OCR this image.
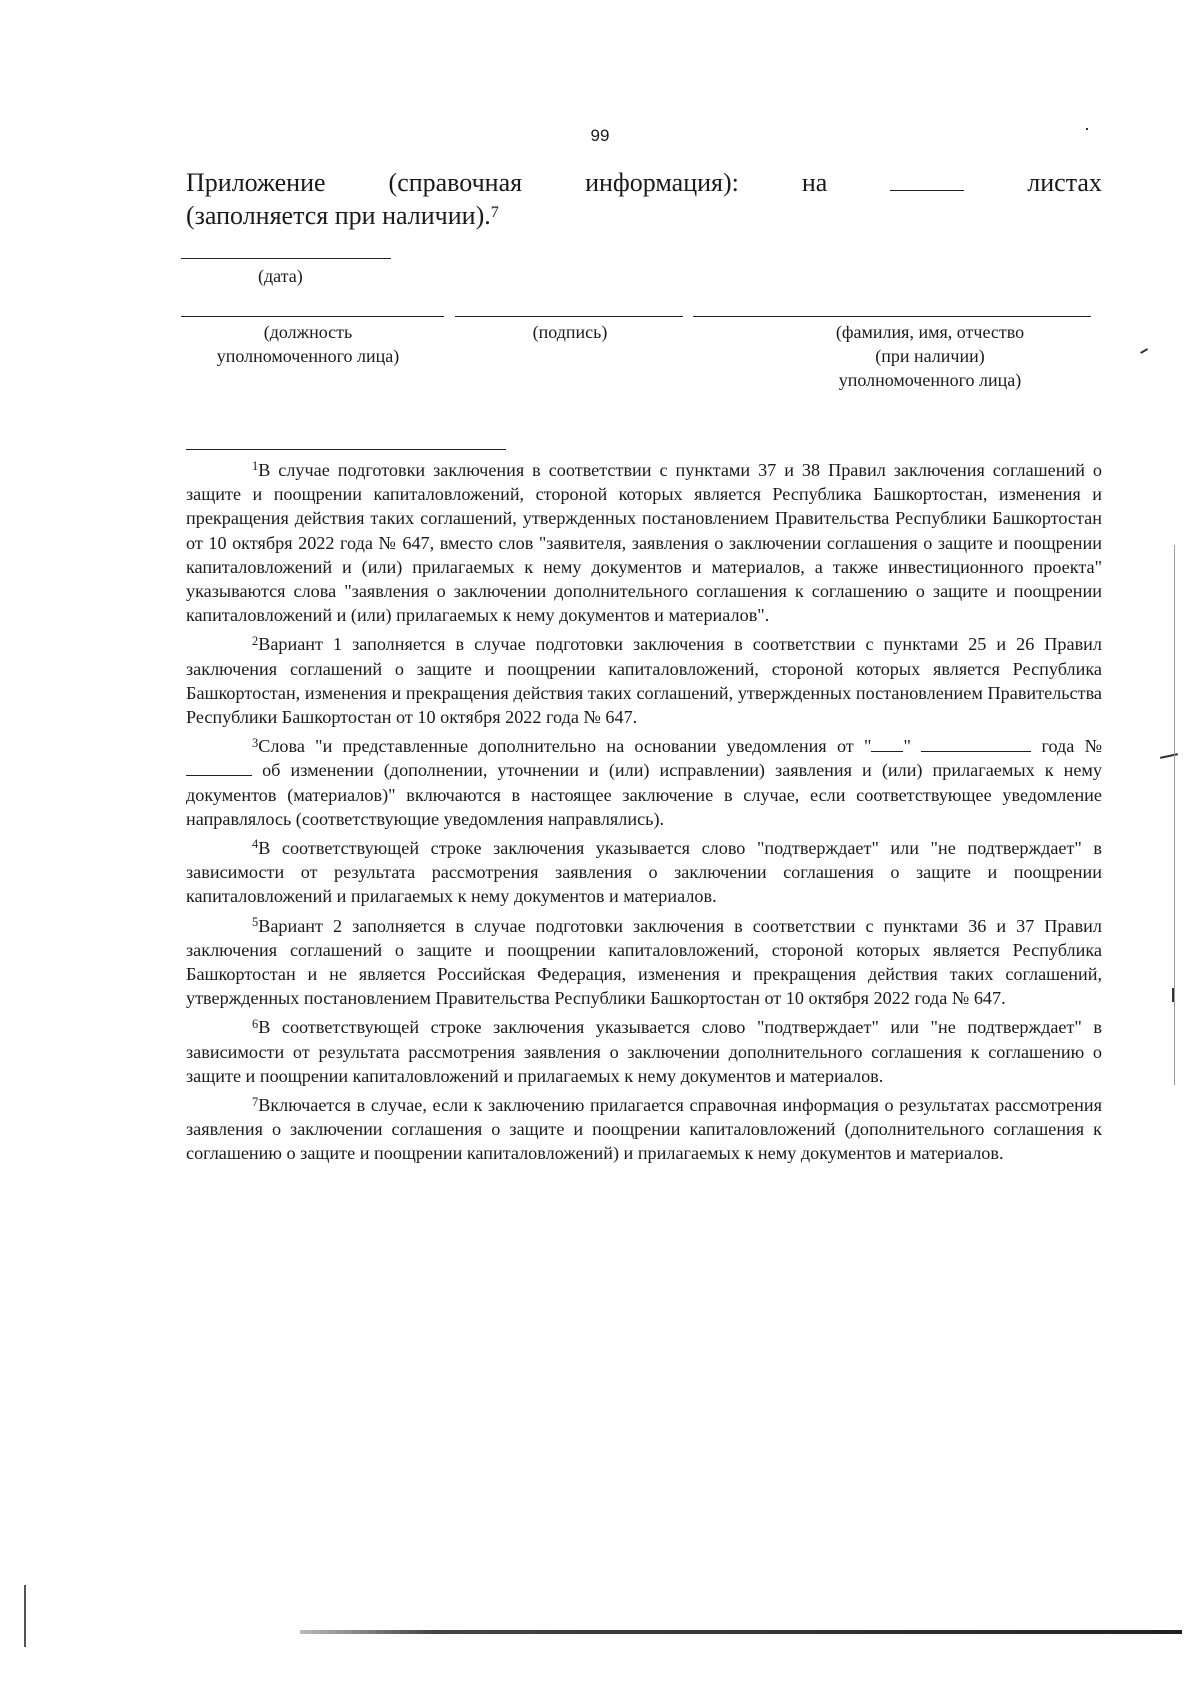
99
Приложение (справочная информация): на	листах
(заполняется при наличии).$^7$
(дата)
(должность
уполномоченного лица)
(подпись)	(фамилия, имя, отчество
(при наличии)
уполномоченного лица)

$^1$В случае подготовки заключения в соответствии с пунктами 37 и 38 Правил заключения соглашений о защите и поощрении капиталовложений, стороной которых является Республика Башкортостан, изменения и прекращения действия таких соглашений, утвержденных постановлением Правительства Республики Башкортостан от 10 октября 2022 года № 647, вместо слов "заявителя, заявления о заключении соглашения о защите и поощрении капиталовложений и (или) прилагаемых к нему документов и материалов, а также инвестиционного проекта" указываются слова "заявления о заключении дополнительного соглашения к соглашению о защите и поощрении капиталовложений и (или) прилагаемых к нему документов и материалов".

$^2$Вариант 1 заполняется в случае подготовки заключения в соответствии с пунктами 25 и 26 Правил заключения соглашений о защите и поощрении капиталовложений, стороной которых является Республика Башкортостан, изменения и прекращения действия таких соглашений, утвержденных постановлением Правительства Республики Башкортостан от 10 октября 2022 года № 647.

$^3$Слова "и представленные дополнительно на основании уведомления от " "	года № об изменении (дополнении, уточнении и (или) исправлении) заявления и (или) прилагаемых к нему документов (материалов)" включаются в настоящее заключение в случае, если соответствующее уведомление направлялось (соответствующие уведомления направлялись).

$^4$В соответствующей строке заключения указывается слово "подтверждает" или "не подтверждает" в зависимости от результата рассмотрения заявления о заключении соглашения о защите и поощрении капиталовложений и прилагаемых к нему документов и материалов.

$^5$Вариант 2 заполняется в случае подготовки заключения в соответствии с пунктами 36 и 37 Правил заключения соглашений о защите и поощрении капиталовложений, стороной которых является Республика Башкортостан и не является Российская Федерация, изменения и прекращения действия таких соглашений, утвержденных постановлением Правительства Республики Башкортостан от 10 октября 2022 года № 647.

$^6$В соответствующей строке заключения указывается слово "подтверждает" или "не подтверждает" в зависимости от результата рассмотрения заявления о заключении дополнительного соглашения к соглашению о защите и поощрении капиталовложений и прилагаемых к нему документов и материалов.

$^7$Включается в случае, если к заключению прилагается справочная информация о результатах рассмотрения заявления о заключении соглашения о защите и поощрении капиталовложений (дополнительного соглашения к соглашению о защите и поощрении капиталовложений) и прилагаемых к нему документов и материалов.
